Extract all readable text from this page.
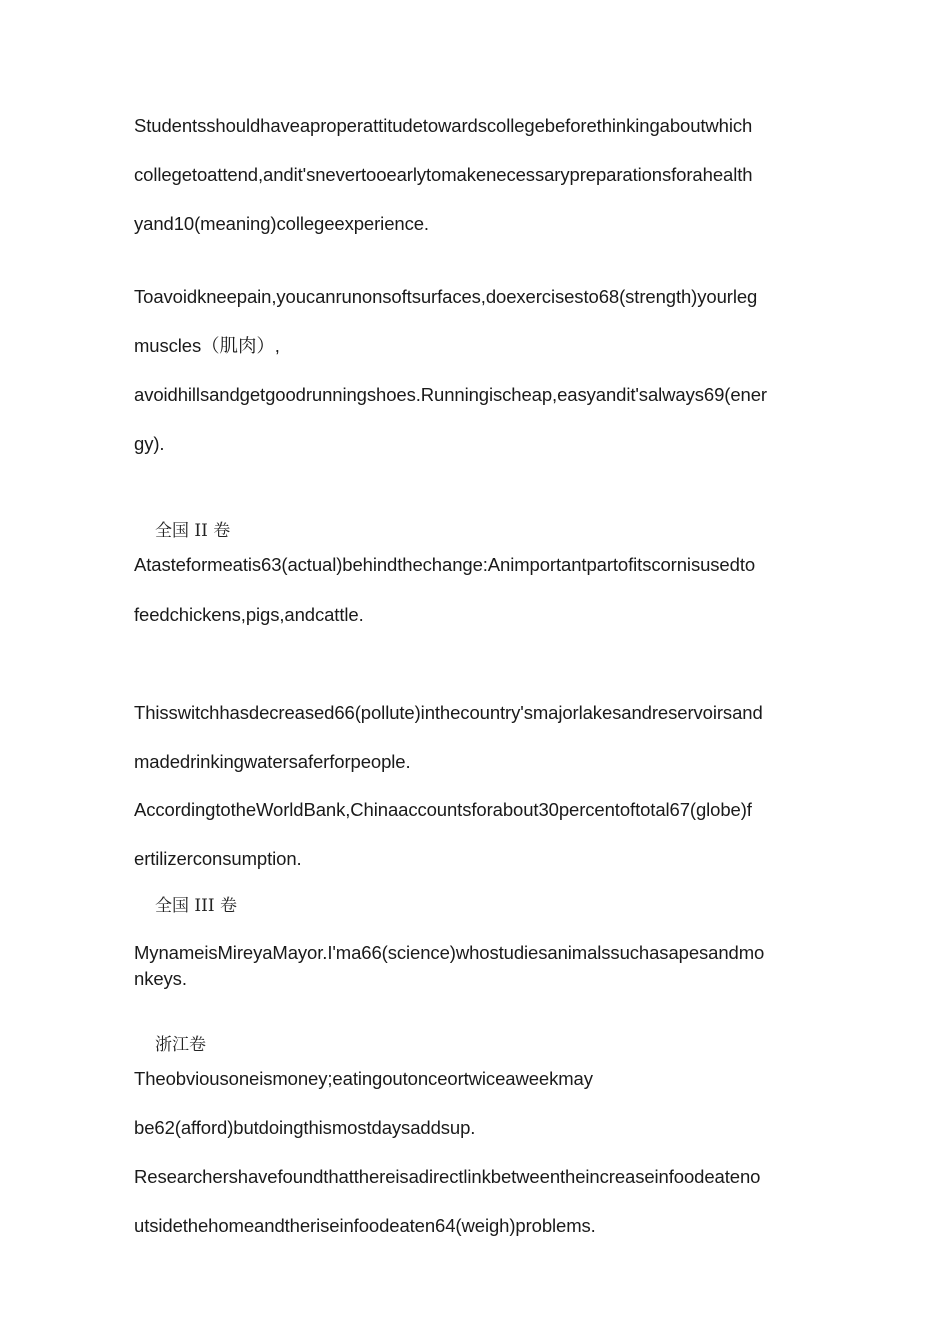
Studentsshouldhaveaproperattitudetowardscollegebeforethinkingaboutwhich
collegetoattend,andit'snevertooearlytomakenecessarypreparationsforahealth
yand10(meaning)collegeexperience.
Toavoidkneepain,youcanrunonsoftsurfaces,doexercisesto68(strength)yourleg
muscles（肌肉）,
avoidhillsandgetgoodrunningshoes.Runningischeap,easyandit'salways69(ener
gy).
全国 II 卷
Atasteformeatis63(actual)behindthechange:Animportantpartofitscornisusedto
feedchickens,pigs,andcattle.
Thisswitchhasdecreased66(pollute)inthecountry'smajorlakesandreservoirsand
madedrinkingwatersaferforpeople.
AccordingtotheWorldBank,Chinaaccountsforabout30percentoftotal67(globe)f
ertilizerconsumption.
全国 III 卷
MynameisMireyaMayor.I'ma66(science)whostudiesanimalssuchasapesandmo
nkeys.
浙江卷
Theobviousoneismoney;eatingoutonceortwiceaweekmay
be62(afford)butdoingthismostdaysaddsup.
Researchershavefoundthatthereisadirectlinkbetweentheincreaseinfoodeateno
utsidethehomeandtheriseinfoodeaten64(weigh)problems.
